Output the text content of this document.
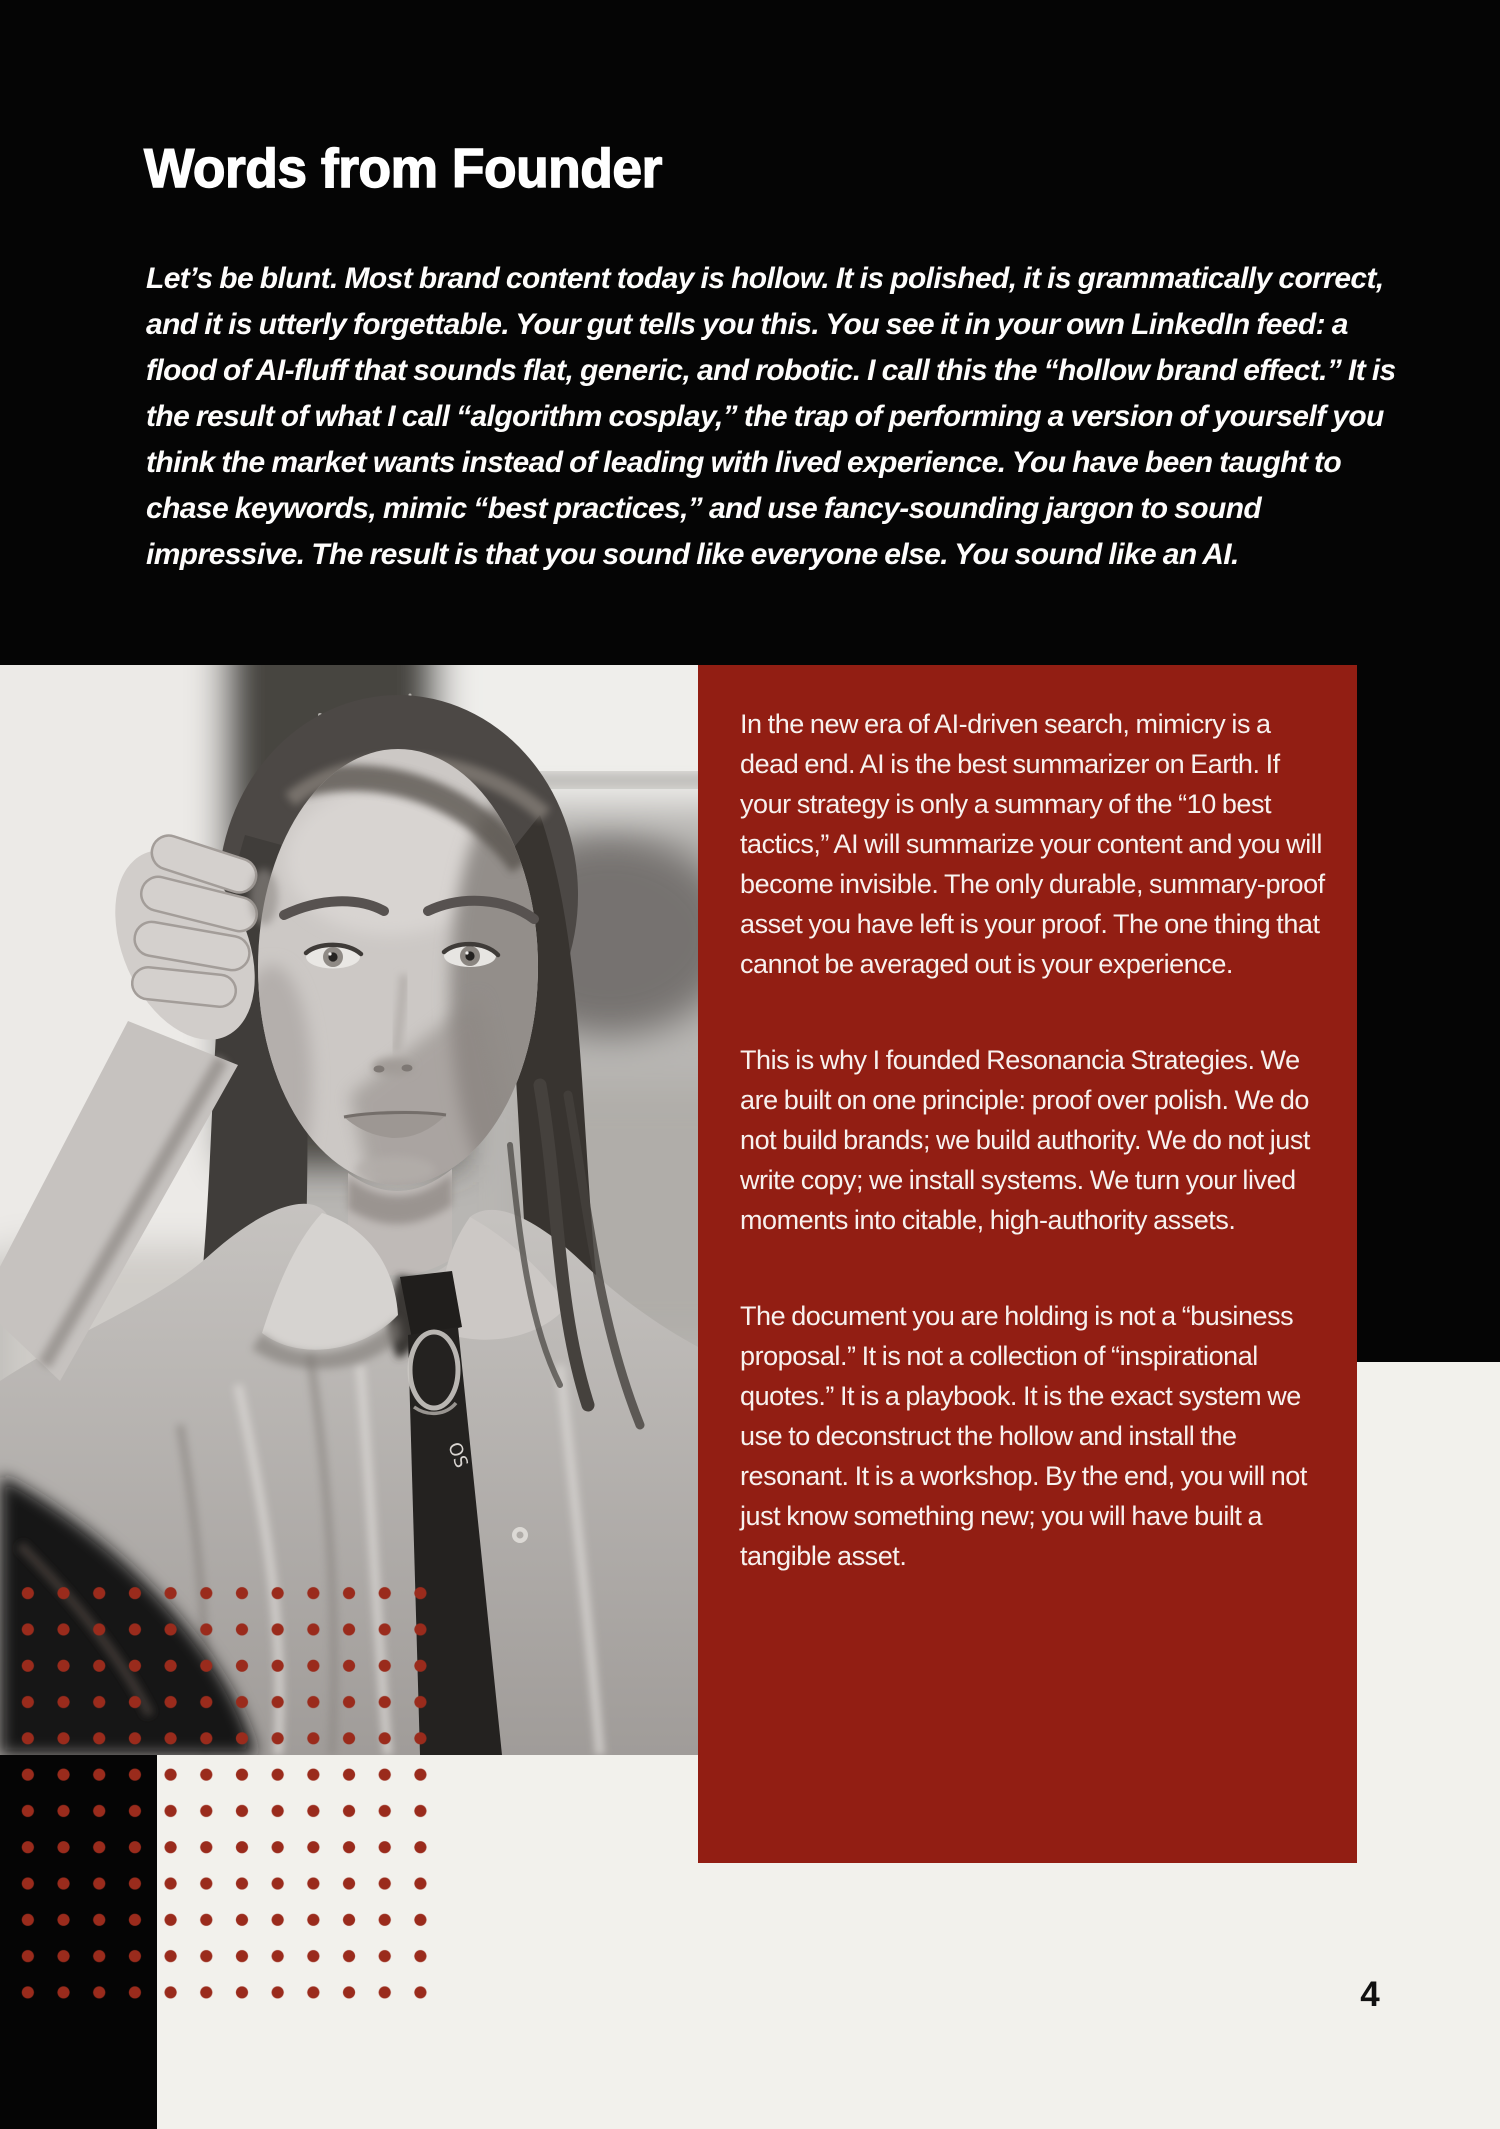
Words from Founder

Let’s be blunt. Most brand content today is hollow. It is polished, it is grammatically correct, and it is utterly forgettable. Your gut tells you this. You see it in your own LinkedIn feed: a flood of AI-fluff that sounds flat, generic, and robotic. I call this the “hollow brand effect.” It is the result of what I call “algorithm cosplay,” the trap of performing a version of yourself you think the market wants instead of leading with lived experience. You have been taught to chase keywords, mimic “best practices,” and use fancy-sounding jargon to sound impressive. The result is that you sound like everyone else. You sound like an AI.

In the new era of AI-driven search, mimicry is a dead end. AI is the best summarizer on Earth. If your strategy is only a summary of the “10 best tactics,” AI will summarize your content and you will become invisible. The only durable, summary-proof asset you have left is your proof. The one thing that cannot be averaged out is your experience.

This is why I founded Resonancia Strategies. We are built on one principle: proof over polish. We do not build brands; we build authority. We do not just write copy; we install systems. We turn your lived moments into citable, high-authority assets.

The document you are holding is not a “business proposal.” It is not a collection of “inspirational quotes.” It is a playbook. It is the exact system we use to deconstruct the hollow and install the resonant. It is a workshop. By the end, you will not just know something new; you will have built a tangible asset.

OS
4
